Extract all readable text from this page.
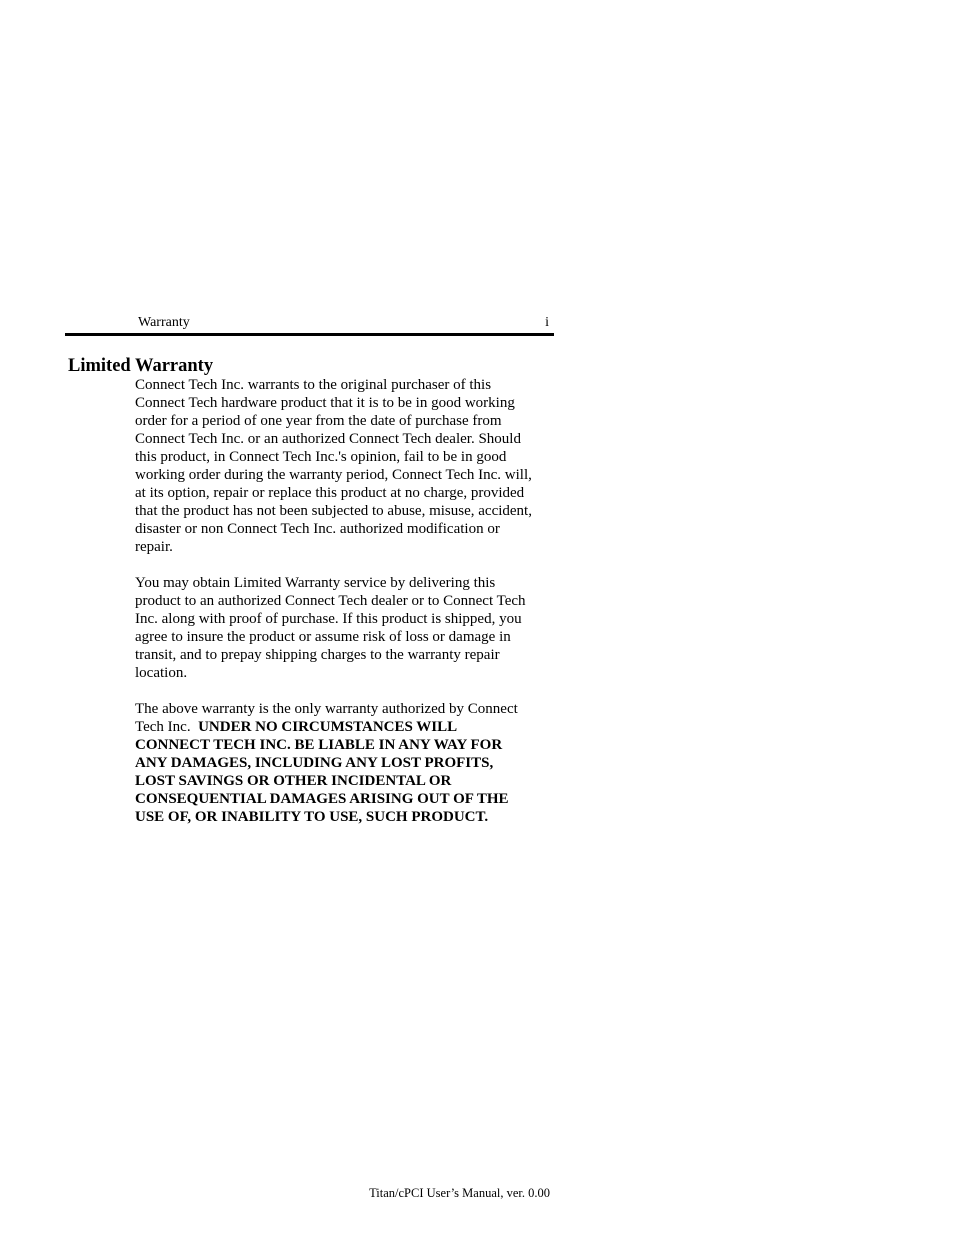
Warranty	i
Limited Warranty

Connect Tech Inc. warrants to the original purchaser of this
Connect Tech hardware product that it is to be in good working
order for a period of one year from the date of purchase from
Connect Tech Inc. or an authorized Connect Tech dealer. Should
this product, in Connect Tech Inc.'s opinion, fail to be in good
working order during the warranty period, Connect Tech Inc. will,
at its option, repair or replace this product at no charge, provided
that the product has not been subjected to abuse, misuse, accident,
disaster or non Connect Tech Inc. authorized modification or
repair.

You may obtain Limited Warranty service by delivering this
product to an authorized Connect Tech dealer or to Connect Tech
Inc. along with proof of purchase. If this product is shipped, you
agree to insure the product or assume risk of loss or damage in
transit, and to prepay shipping charges to the warranty repair
location.

The above warranty is the only warranty authorized by Connect
Tech Inc.  UNDER NO CIRCUMSTANCES WILL
CONNECT TECH INC. BE LIABLE IN ANY WAY FOR
ANY DAMAGES, INCLUDING ANY LOST PROFITS,
LOST SAVINGS OR OTHER INCIDENTAL OR
CONSEQUENTIAL DAMAGES ARISING OUT OF THE
USE OF, OR INABILITY TO USE, SUCH PRODUCT.

Titan/cPCI User’s Manual, ver. 0.00
